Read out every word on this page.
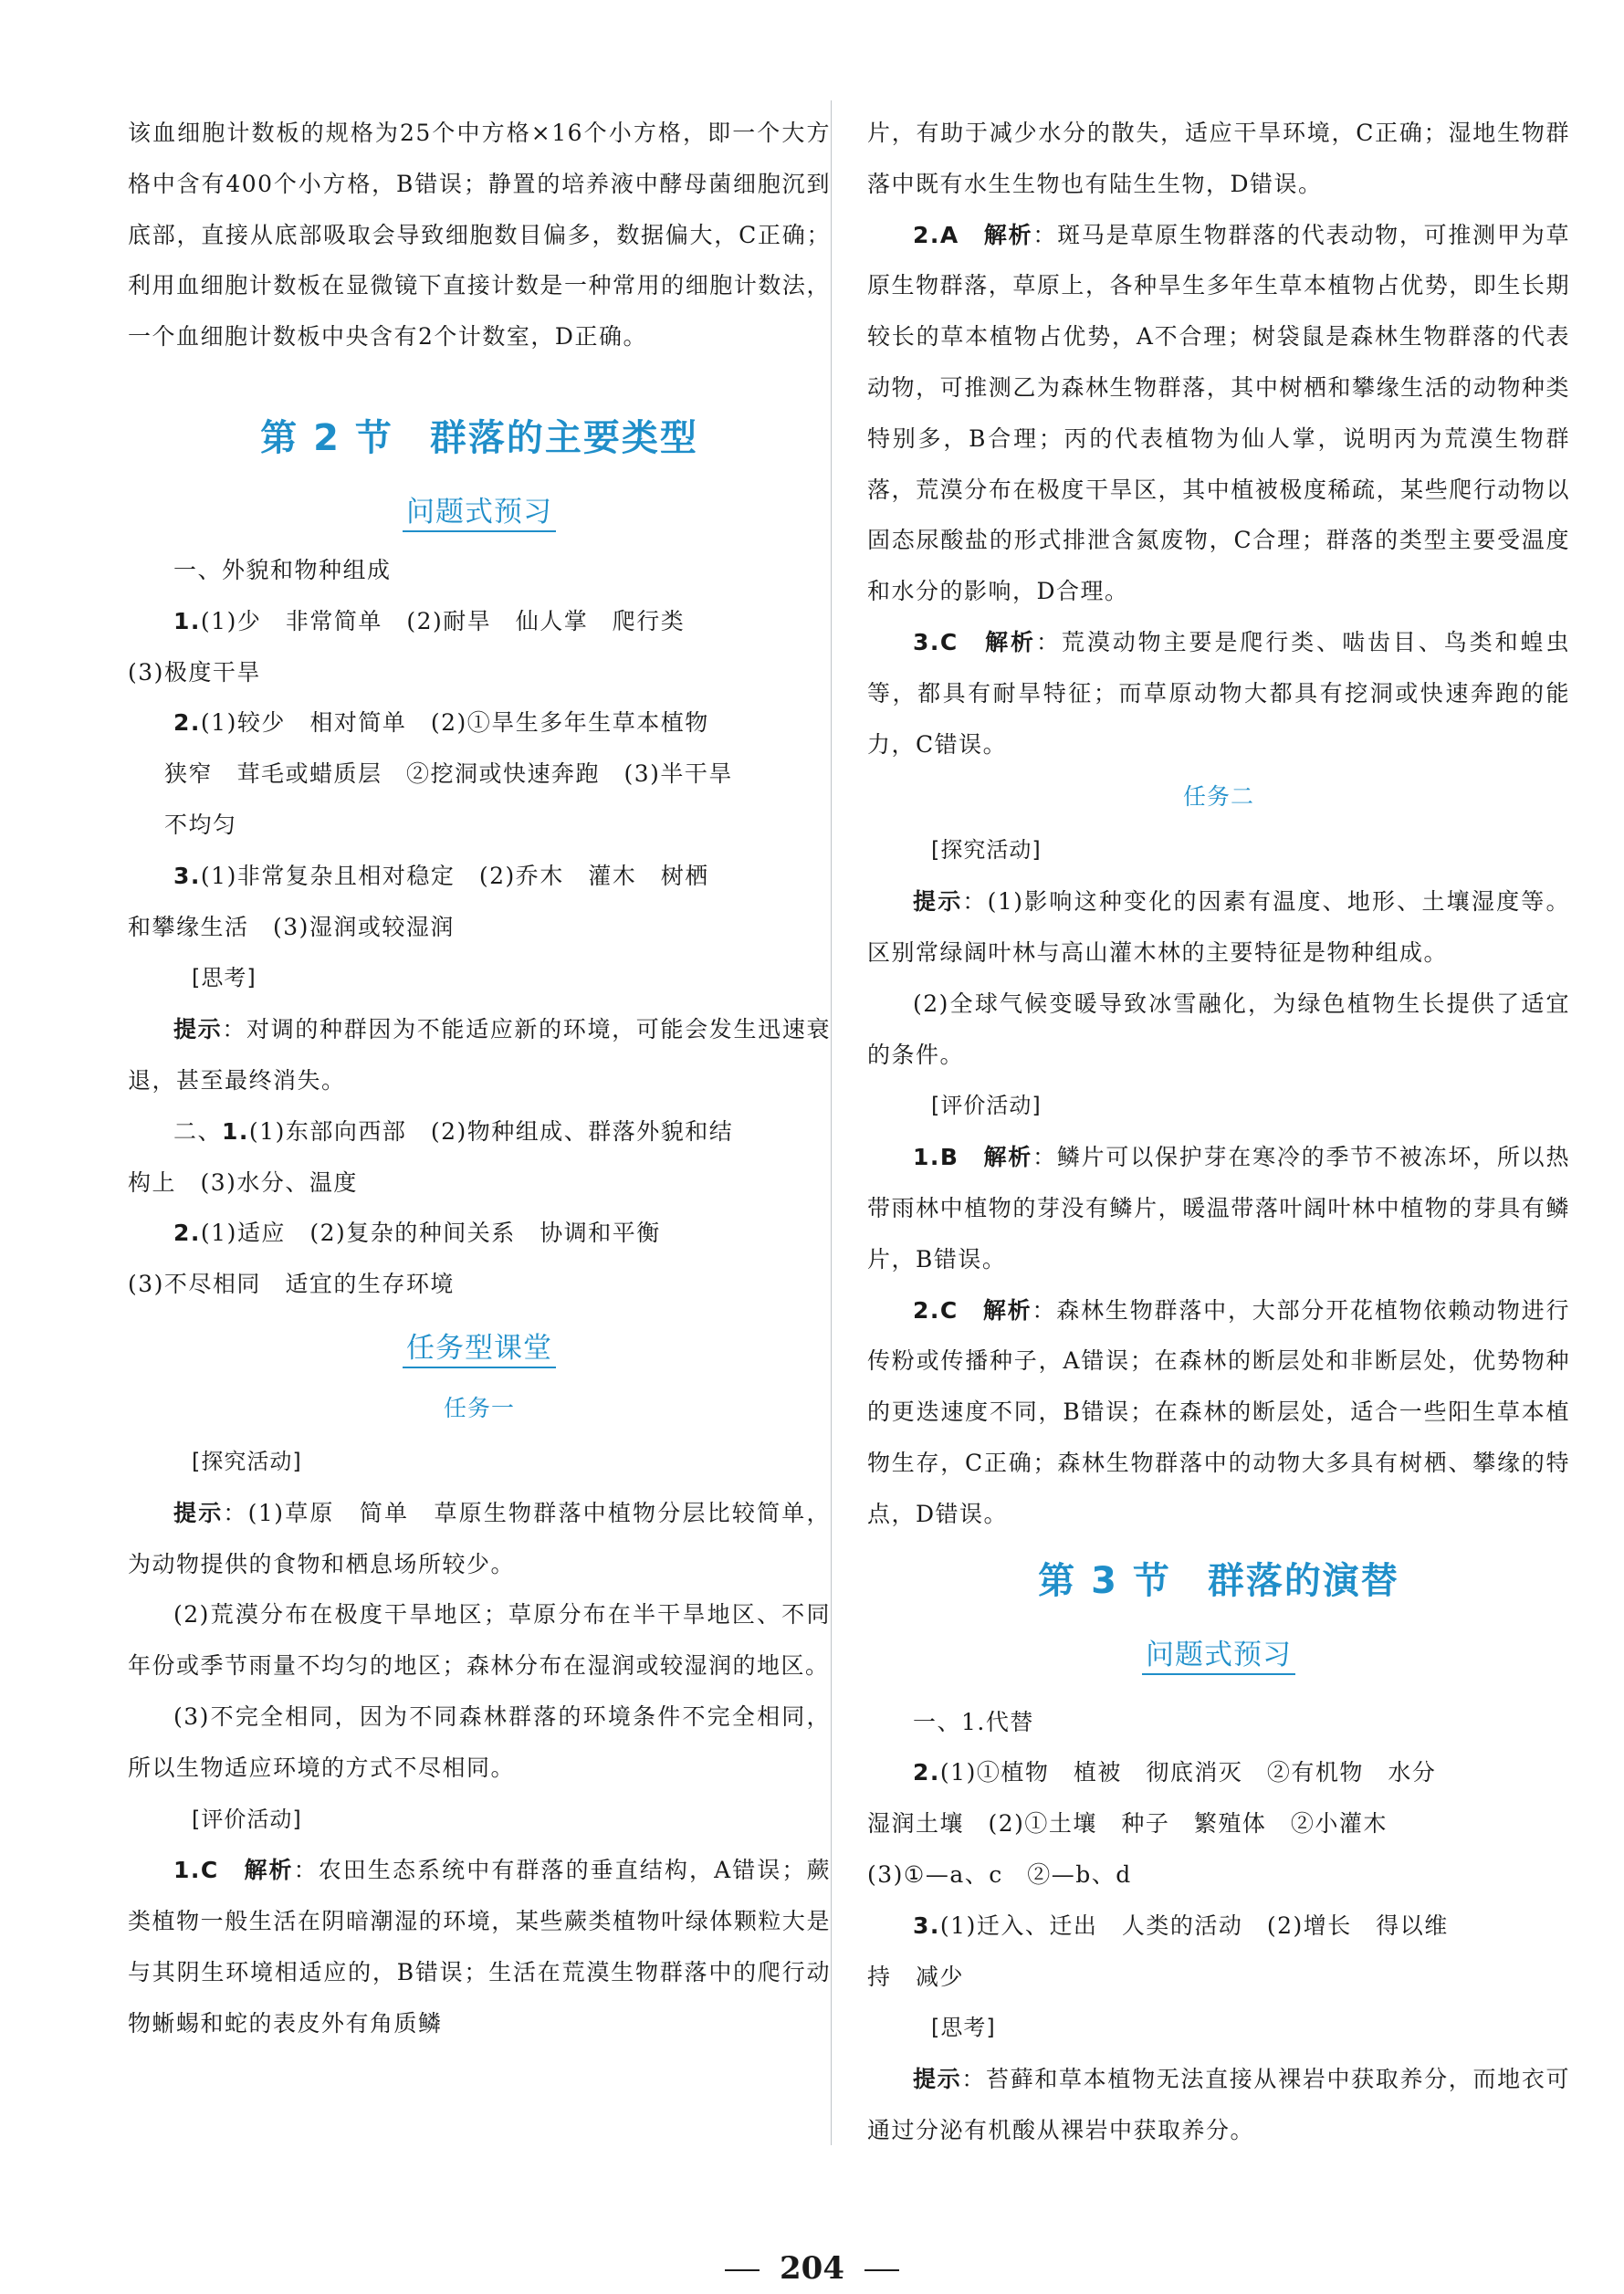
该血细胞计数板的规格为25个中方格×16个小方格，即一个大方格中含有400个小方格，B错误；静置的培养液中酵母菌细胞沉到底部，直接从底部吸取会导致细胞数目偏多，数据偏大，C正确；利用血细胞计数板在显微镜下直接计数是一种常用的细胞计数法，一个血细胞计数板中央含有2个计数室，D正确。

第 2 节 群落的主要类型
问题式预习

一、外貌和物种组成

1.(1)少　非常简单　(2)耐旱　仙人掌　爬行类

(3)极度干旱

2.(1)较少　相对简单　(2)①旱生多年生草本植物

狭窄　茸毛或蜡质层　②挖洞或快速奔跑　(3)半干旱

不均匀

3.(1)非常复杂且相对稳定　(2)乔木　灌木　树栖

和攀缘生活　(3)湿润或较湿润

[思考]

提示：对调的种群因为不能适应新的环境，可能会发生迅速衰退，甚至最终消失。

二、1.(1)东部向西部　(2)物种组成、群落外貌和结

构上　(3)水分、温度

2.(1)适应　(2)复杂的种间关系　协调和平衡

(3)不尽相同　适宜的生存环境

任务型课堂
任务一
[探究活动]

提示：(1)草原　简单　草原生物群落中植物分层比较简单，为动物提供的食物和栖息场所较少。

(2)荒漠分布在极度干旱地区；草原分布在半干旱地区、不同年份或季节雨量不均匀的地区；森林分布在湿润或较湿润的地区。

(3)不完全相同，因为不同森林群落的环境条件不完全相同，所以生物适应环境的方式不尽相同。

[评价活动]

1.C　 解析：农田生态系统中有群落的垂直结构，A错误；蕨类植物一般生活在阴暗潮湿的环境，某些蕨类植物叶绿体颗粒大是与其阴生环境相适应的，B错误；生活在荒漠生物群落中的爬行动物蜥蜴和蛇的表皮外有角质鳞

片，有助于减少水分的散失，适应干旱环境，C正确；湿地生物群落中既有水生生物也有陆生生物，D错误。

2.A　 解析：斑马是草原生物群落的代表动物，可推测甲为草原生物群落，草原上，各种旱生多年生草本植物占优势，即生长期较长的草本植物占优势，A不合理；树袋鼠是森林生物群落的代表动物，可推测乙为森林生物群落，其中树栖和攀缘生活的动物种类特别多，B合理；丙的代表植物为仙人掌，说明丙为荒漠生物群落，荒漠分布在极度干旱区，其中植被极度稀疏，某些爬行动物以固态尿酸盐的形式排泄含氮废物，C合理；群落的类型主要受温度和水分的影响，D合理。

3.C　 解析：荒漠动物主要是爬行类、啮齿目、鸟类和蝗虫等，都具有耐旱特征；而草原动物大都具有挖洞或快速奔跑的能力，C错误。

任务二
[探究活动]

提示：(1)影响这种变化的因素有温度、地形、土壤湿度等。区别常绿阔叶林与高山灌木林的主要特征是物种组成。

(2)全球气候变暖导致冰雪融化，为绿色植物生长提供了适宜的条件。

[评价活动]

1.B　 解析：鳞片可以保护芽在寒冷的季节不被冻坏，所以热带雨林中植物的芽没有鳞片，暖温带落叶阔叶林中植物的芽具有鳞片，B错误。

2.C　 解析：森林生物群落中，大部分开花植物依赖动物进行传粉或传播种子，A错误；在森林的断层处和非断层处，优势物种的更迭速度不同，B错误；在森林的断层处，适合一些阳生草本植物生存，C正确；森林生物群落中的动物大多具有树栖、攀缘的特点，D错误。

第 3 节 群落的演替
问题式预习

一、1.代替

2.(1)①植物　植被　彻底消灭　②有机物　水分

湿润土壤　(2)①土壤　种子　繁殖体　②小灌木

(3)①—a、c　②—b、d

3.(1)迁入、迁出　人类的活动　(2)增长　得以维

持　减少

[思考]

提示：苔藓和草本植物无法直接从裸岩中获取养分，而地衣可通过分泌有机酸从裸岩中获取养分。

204
